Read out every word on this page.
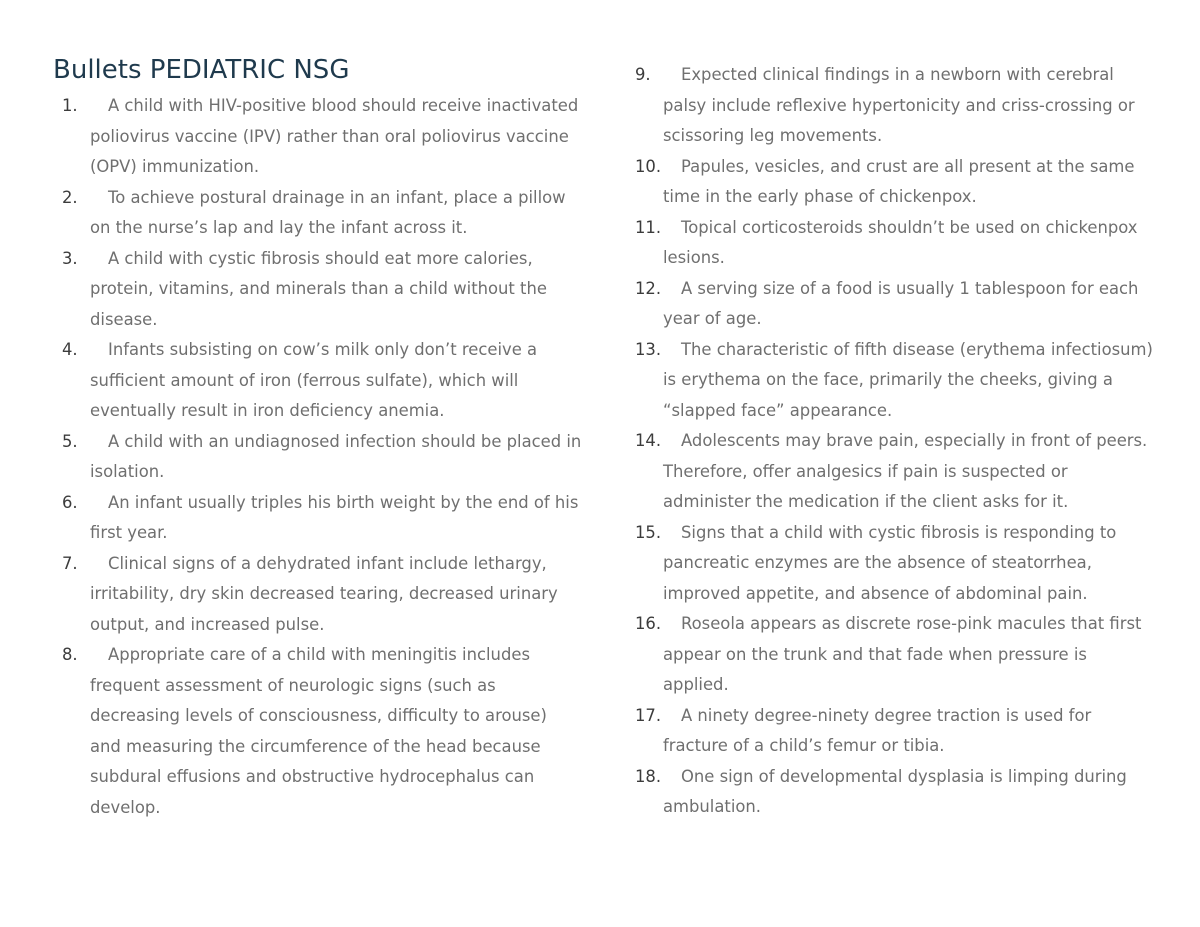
Bullets PEDIATRIC NSG
1. A child with HIV-positive blood should receive inactivated poliovirus vaccine (IPV) rather than oral poliovirus vaccine (OPV) immunization.
2. To achieve postural drainage in an infant, place a pillow on the nurse’s lap and lay the infant across it.
3. A child with cystic fibrosis should eat more calories, protein, vitamins, and minerals than a child without the disease.
4. Infants subsisting on cow’s milk only don’t receive a sufficient amount of iron (ferrous sulfate), which will eventually result in iron deficiency anemia.
5. A child with an undiagnosed infection should be placed in isolation.
6. An infant usually triples his birth weight by the end of his first year.
7. Clinical signs of a dehydrated infant include lethargy, irritability, dry skin decreased tearing, decreased urinary output, and increased pulse.
8. Appropriate care of a child with meningitis includes frequent assessment of neurologic signs (such as decreasing levels of consciousness, difficulty to arouse) and measuring the circumference of the head because subdural effusions and obstructive hydrocephalus can develop.
9. Expected clinical findings in a newborn with cerebral palsy include reflexive hypertonicity and criss-crossing or scissoring leg movements.
10. Papules, vesicles, and crust are all present at the same time in the early phase of chickenpox.
11. Topical corticosteroids shouldn’t be used on chickenpox lesions.
12. A serving size of a food is usually 1 tablespoon for each year of age.
13. The characteristic of fifth disease (erythema infectiosum) is erythema on the face, primarily the cheeks, giving a “slapped face” appearance.
14. Adolescents may brave pain, especially in front of peers. Therefore, offer analgesics if pain is suspected or administer the medication if the client asks for it.
15. Signs that a child with cystic fibrosis is responding to pancreatic enzymes are the absence of steatorrhea, improved appetite, and absence of abdominal pain.
16. Roseola appears as discrete rose-pink macules that first appear on the trunk and that fade when pressure is applied.
17. A ninety degree-ninety degree traction is used for fracture of a child’s femur or tibia.
18. One sign of developmental dysplasia is limping during ambulation.
